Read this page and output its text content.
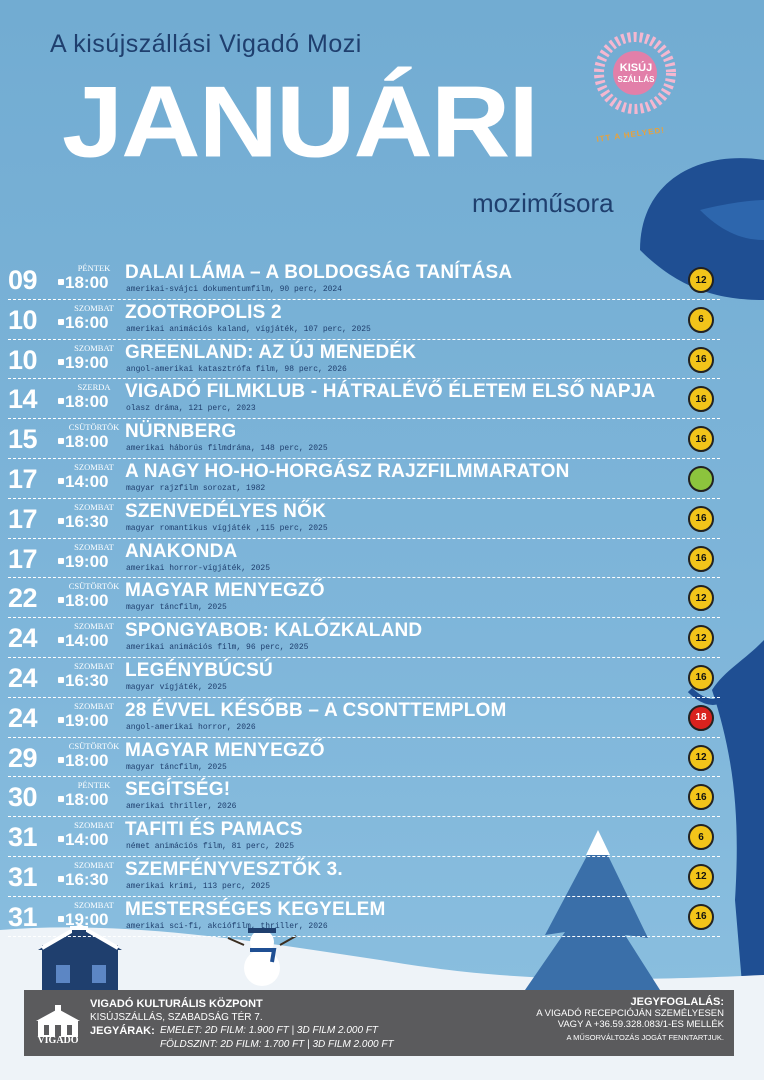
A kisújszállási Vigadó Mozi
JANUÁRI
moziműsora
KISÚJ
SZÁLLÁS
ITT A HELYED!
09	PÉNTEK
18:00 DALAI LÁMA – A BOLDOGSÁG TANÍTÁSA
amerikai-svájci dokumentumfilm, 90 perc, 2024
12
10	SZOMBAT
16:00 ZOOTROPOLIS 2
amerikai animációs kaland, vígjáték, 107 perc, 2025
6
10	SZOMBAT
19:00 GREENLAND: AZ ÚJ MENEDÉK
angol-amerikai katasztrófa film, 98 perc, 2026
16
14	SZERDA
18:00 VIGADÓ FILMKLUB - HÁTRALÉVŐ ÉLETEM ELSŐ NAPJA
olasz dráma, 121 perc, 2023
16
15	CSÜTÖRTÖK
18:00 NÜRNBERG
amerikai háborús filmdráma, 148 perc, 2025
16
17	SZOMBAT
14:00 A NAGY HO-HO-HORGÁSZ RAJZFILMMARATON
magyar rajzfilm sorozat, 1982
17	SZOMBAT
16:30 SZENVEDÉLYES NŐK
magyar romantikus vígjáték ,115 perc, 2025
16
17	SZOMBAT
19:00 ANAKONDA
amerikai horror-vígjáték, 2025
16
22	CSÜTÖRTÖK
18:00 MAGYAR MENYEGZŐ
magyar táncfilm, 2025
12
24	SZOMBAT
14:00 SPONGYABOB: KALÓZKALAND
amerikai animációs film, 96 perc, 2025
12
24	SZOMBAT
16:30 LEGÉNYBÚCSÚ
magyar vígjáték, 2025
16
24	SZOMBAT
19:00 28 ÉVVEL KÉSŐBB – A CSONTTEMPLOM
angol-amerikai horror, 2026
18
29	CSÜTÖRTÖK
18:00 MAGYAR MENYEGZŐ
magyar táncfilm, 2025
12
30	PÉNTEK
18:00 SEGÍTSÉG!
amerikai thriller, 2026
16
31	SZOMBAT
14:00 TAFITI ÉS PAMACS
német animációs film, 81 perc, 2025
6
31	SZOMBAT
16:30 SZEMFÉNYVESZTŐK 3.
amerikai krimi, 113 perc, 2025
12
31	SZOMBAT
19:00 MESTERSÉGES KEGYELEM
amerikai sci-fi, akciófilm, thriller, 2026
16
VIGADÓ
VIGADÓ KULTURÁLIS KÖZPONT
KISÚJSZÁLLÁS, SZABADSÁG TÉR 7.
JEGYÁRAK: EMELET: 2D FILM: 1.900 FT | 3D FILM 2.000 FT
FÖLDSZINT: 2D FILM: 1.700 FT | 3D FILM 2.000 FT
JEGYFOGLALÁS:
A VIGADÓ RECEPCIÓJÁN SZEMÉLYESEN
VAGY A +36.59.328.083/1-ES MELLÉK
A MŰSORVÁLTOZÁS JOGÁT FENNTARTJUK.
